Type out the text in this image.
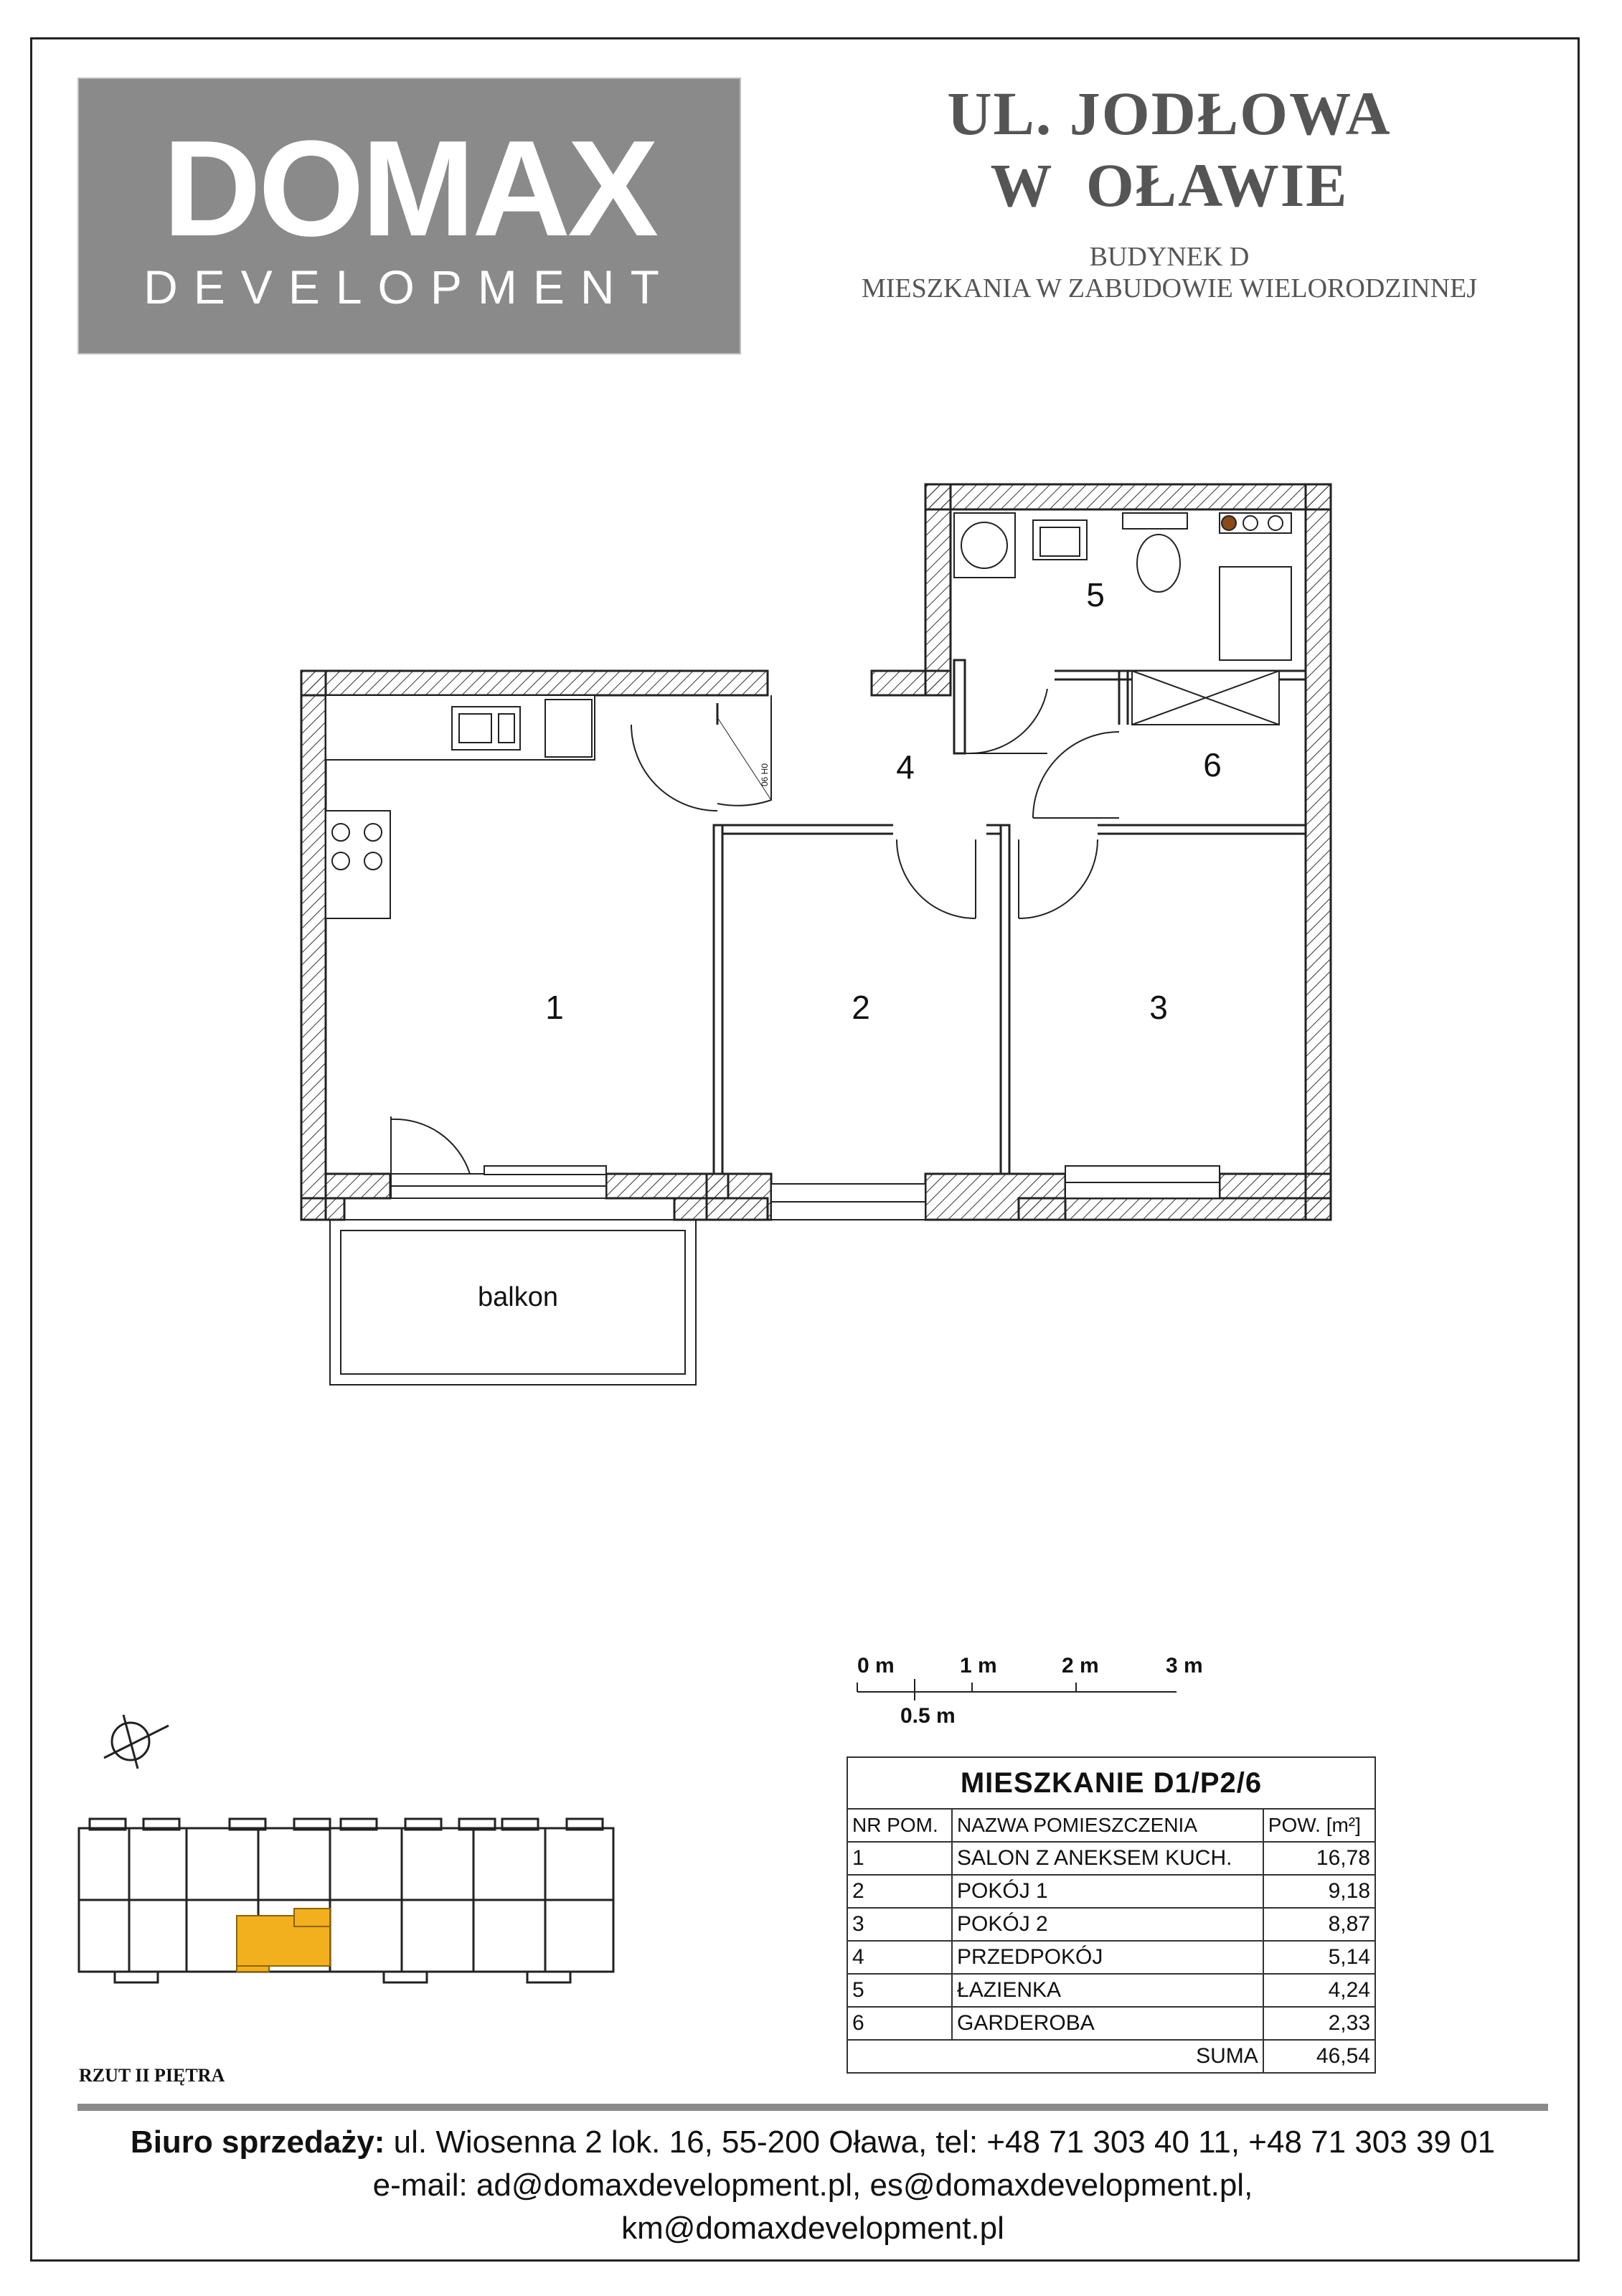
DOMAX
DEVELOPMENT
UL. JODŁOWA
W  OŁAWIE
BUDYNEK D
MIESZKANIA W ZABUDOWIE WIELORODZINNEJ
1	2	3
4
5
6
balkon
06 H0
0 m	1 m	2 m	3 m
0.5 m
MIESZKANIE D1/P2/6		
NR POM.	NAZWA POMIESZCZENIA	POW. [m²]
1	SALON Z ANEKSEM KUCH.	16,78
2	POKÓJ 1	9,18
3	POKÓJ 2	8,87
4	PRZEDPOKÓJ	5,14
5	ŁAZIENKA	4,24
6	GARDEROBA	2,33
SUMA		46,54
RZUT II PIĘTRA
Biuro sprzedaży: ul. Wiosenna 2 lok. 16, 55-200 Oława, tel: +48 71 303 40 11, +48 71 303 39 01
e-mail: ad@domaxdevelopment.pl, es@domaxdevelopment.pl,
km@domaxdevelopment.pl
